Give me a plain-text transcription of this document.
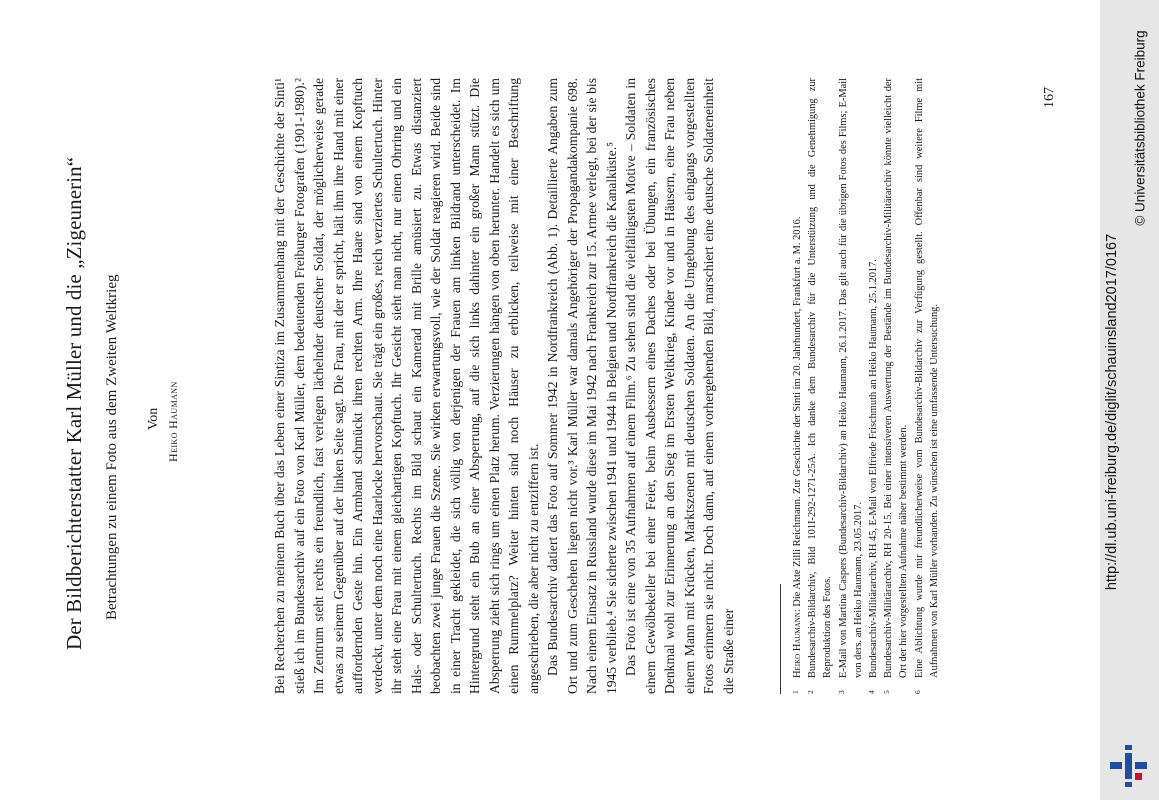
Der Bildberichterstatter Karl Müller und die „Zigeunerin“ Betrachtungen zu einem Foto aus dem Zweiten Weltkrieg Von Heiko Haumann	Bei Recherchen zu meinem Buch über das Leben einer Sintiza im Zusammenhang mit der Geschichte der Sinti¹ stieß ich im Bundesarchiv auf ein Foto von Karl Müller, dem bedeutenden Freiburger Fotografen (1901-1980).² Im Zentrum steht rechts ein freundlich, fast verlegen lächelnder deutscher Soldat, der möglicherweise gerade etwas zu seinem Gegenüber auf der linken Seite sagt. Die Frau, mit der er spricht, hält ihm ihre Hand mit einer auffordernden Geste hin. Ein Armband schmückt ihren rechten Arm. Ihre Haare sind von einem Kopftuch verdeckt, unter dem noch eine Haarlocke hervorschaut. Sie trägt ein großes, reich verziertes Schultertuch. Hinter ihr steht eine Frau mit einem gleichartigen Kopftuch. Ihr Gesicht sieht man nicht, nur einen Ohrring und ein Hals- oder Schultertuch. Rechts im Bild schaut ein Kamerad mit Brille amüsiert zu. Etwas distanziert beobachten zwei junge Frauen die Szene. Sie wirken erwartungsvoll, wie der Soldat reagieren wird. Beide sind in einer Tracht gekleidet, die sich völlig von derjenigen der Frauen am linken Bildrand unterscheidet. Im Hintergrund steht ein Bub an einer Absperrung, auf die sich links dahinter ein großer Mann stützt. Die Absperrung zieht sich rings um einen Platz herum. Verzierungen hängen von oben herunter. Handelt es sich um einen Rummelplatz? Weiter hinten sind noch Häuser zu erblicken, teilweise mit einer Beschriftung angeschrieben, die aber nicht zu entziffern ist. Das Bundesarchiv datiert das Foto auf Sommer 1942 in Nordfrankreich (Abb. 1). Detaillierte Angaben zum Ort und zum Geschehen liegen nicht vor.³ Karl Müller war damals Angehöriger der Propagandakompanie 698. Nach einem Einsatz in Russland wurde diese im Mai 1942 nach Frankreich zur 15. Armee verlegt, bei der sie bis 1945 verblieb.⁴ Sie sicherte zwischen 1941 und 1944 in Belgien und Nordfrankreich die Kanalküste.⁵ Das Foto ist eine von 35 Aufnahmen auf einem Film.⁶ Zu sehen sind die vielfältigsten Motive – Soldaten in einem Gewölbekeller bei einer Feier, beim Ausbessern eines Daches oder bei Übungen, ein französisches Denkmal wohl zur Erinnerung an den Sieg im Ersten Weltkrieg, Kinder vor und in Häusern, eine Frau neben einem Mann mit Krücken, Marktszenen mit deutschen Soldaten. An die Umgebung des eingangs vorgestellten Fotos erinnern sie nicht. Doch dann, auf einem vorhergehenden Bild, marschiert eine deutsche Soldateneinheit die Straße einer	1
Heiko Haumann: Die Akte Zilli Reichmann. Zur Geschichte der Sinti im 20. Jahrhundert, Frankfurt a. M. 2016.

2
Bundesarchiv-Bildarchiv, Bild 101I-292-1271-25A. Ich danke dem Bundesarchiv für die Unterstützung und die Genehmigung zur Reproduktion des Fotos.

3
E-Mail von Martina Caspers (Bundesarchiv-Bildarchiv) an Heiko Haumann, 26.1.2017. Das gilt auch für die übrigen Fotos des Films; E-Mail von ders. an Heiko Haumann, 23.05.2017.

4
Bundesarchiv-Militärarchiv, RH 45, E-Mail von Elfriede Frischmuth an Heiko Haumann, 25.1.2017.

5
Bundesarchiv-Militärarchiv, RH 20-15. Bei einer intensiveren Auswertung der Bestände im Bundesarchiv-Militärarchiv könnte vielleicht der Ort der hier vorgestellten Aufnahme näher bestimmt werden.

6
Eine Ablichtung wurde mir freundlicherweise vom Bundesarchiv-Bildarchiv zur Verfügung gestellt. Offenbar sind weitere Filme mit Aufnahmen von Karl Müller vorhanden. Zu wünschen ist eine umfassende Untersuchung.

167
http://dl.ub.uni-freiburg.de/diglit/schauinsland2017/0167
© Universitätsbibliothek Freiburg
